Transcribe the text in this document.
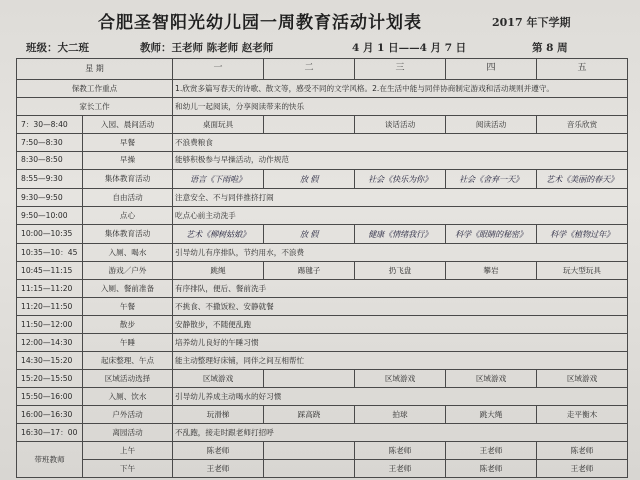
合肥圣智阳光幼儿园一周教育活动计划表	2017 年下学期
班级：大二班	教师：王老师 陈老师 赵老师	4 月 1 日——4 月 7 日	第 8 周
星 期		一	二	三	四	五
保教工作重点		1.欣赏多篇写春天的诗歌、散文等，感受不同的文学风格。2.在生活中能与同伴协商制定游戏和活动规则并遵守。				
家长工作		和幼儿一起阅读，分享阅读带来的快乐				
7：30—8:40	入园、晨间活动	桌面玩具		谈话活动	阅读活动	音乐欣赏
7:50—8:30	早餐	不浪费粮食				
8:30—8:50	早操	能够积极参与早操活动，动作规范				
8:55—9:30	集体教育活动	语言《下雨啦》	放 假	社会《快乐为你》	社会《舍弃一天》	艺术《美丽的春天》
9:30—9:50	自由活动	注意安全、不与同伴推挤打闹				
9:50—10:00	点心	吃点心前主动洗手				
10:00—10:35	集体教育活动	艺术《柳树姑娘》	放 假	健康《情绪我行》	科学《眼睛的秘密》	科学《植物过年》
10:35—10：45	入厕、喝水	引导幼儿有序排队，节约用水，不浪费				
10:45—11:15	游戏／户外	跳绳	踢毽子	扔飞盘	攀岩	玩大型玩具
11:15—11:20	入厕、餐前准备	有序排队，便后、餐前洗手				
11:20—11:50	午餐	不挑食、不撒饭粒、安静就餐				
11:50—12:00	散步	安静散步，不随便乱跑				
12:00—14:30	午睡	培养幼儿良好的午睡习惯				
14:30—15:20	起床整理、午点	能主动整理好床铺，同伴之间互相帮忙				
15:20—15:50	区域活动选择	区域游戏		区域游戏	区域游戏	区域游戏
15:50—16:00	入厕、饮水	引导幼儿养成主动喝水的好习惯				
16:00—16:30	户外活动	玩滑梯	踩高跷	拍球	跳大绳	走平衡木
16:30—17：00	离园活动	不乱跑，接走时跟老师打招呼				
带班教师	上午	陈老师		陈老师	王老师	陈老师
	下午	王老师		王老师	陈老师	王老师
